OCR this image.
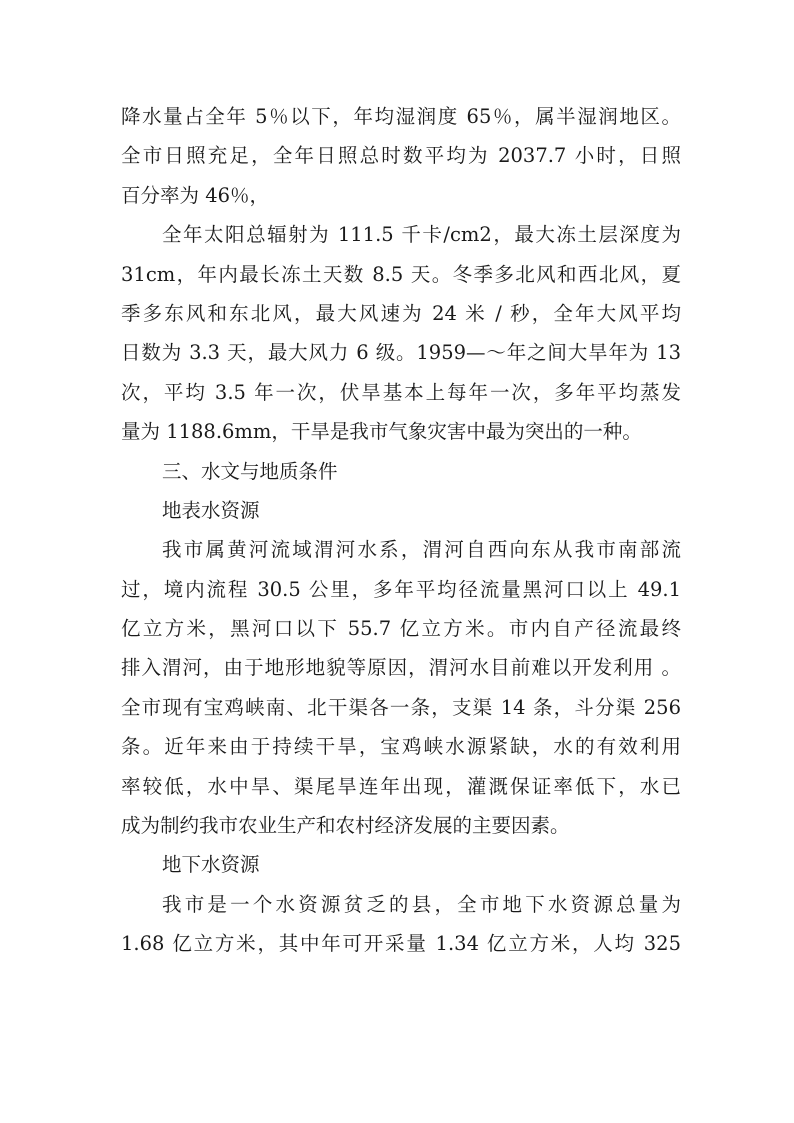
降水量占全年 5％以下，年均湿润度 65％，属半湿润地区。
全市日照充足，全年日照总时数平均为 2037.7 小时，日照
百分率为 46％，
全年太阳总辐射为 111.5 千卡/cm2，最大冻土层深度为
31cm，年内最长冻土天数 8.5 天。冬季多北风和西北风，夏
季多东风和东北风，最大风速为 24 米 / 秒，全年大风平均
日数为 3.3 天，最大风力 6 级。1959—～年之间大旱年为 13
次，平均 3.5 年一次，伏旱基本上每年一次，多年平均蒸发
量为 1188.6mm，干旱是我市气象灾害中最为突出的一种。
三、水文与地质条件
地表水资源
我市属黄河流域渭河水系，渭河自西向东从我市南部流
过，境内流程 30.5 公里，多年平均径流量黑河口以上 49.1
亿立方米，黑河口以下 55.7 亿立方米。市内自产径流最终
排入渭河，由于地形地貌等原因，渭河水目前难以开发利用 。
全市现有宝鸡峡南、北干渠各一条，支渠 14 条，斗分渠 256
条。近年来由于持续干旱，宝鸡峡水源紧缺，水的有效利用
率较低，水中旱、渠尾旱连年出现，灌溉保证率低下，水已
成为制约我市农业生产和农村经济发展的主要因素。
地下水资源
我市是一个水资源贫乏的县，全市地下水资源总量为
1.68 亿立方米，其中年可开采量 1.34 亿立方米，人均 325
